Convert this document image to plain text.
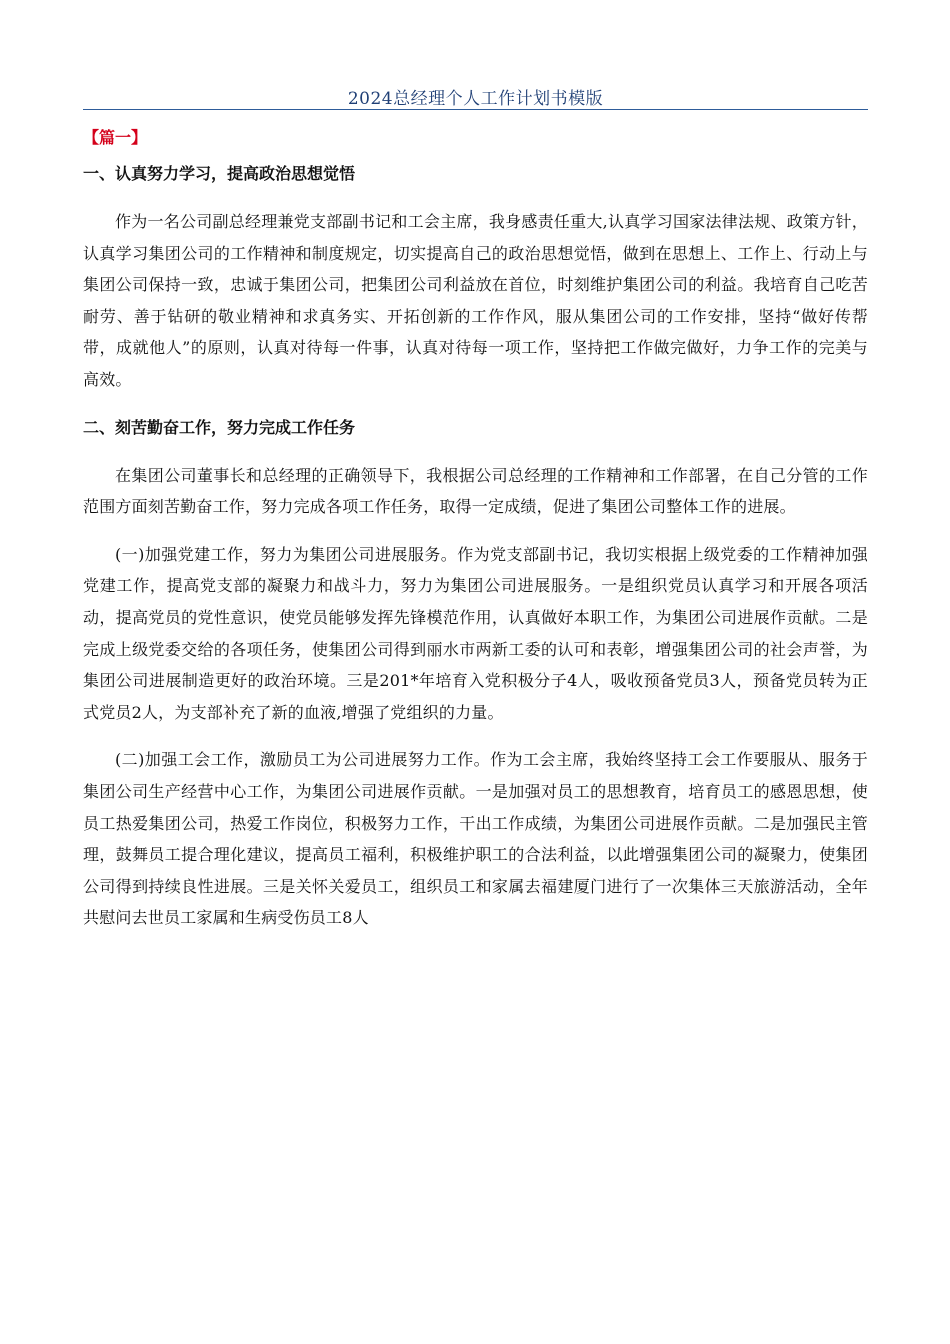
2024总经理个人工作计划书模版
【篇一】
一、认真努力学习，提高政治思想觉悟

作为一名公司副总经理兼党支部副书记和工会主席，我身感责任重大,认真学习国家法律法规、政策方针，认真学习集团公司的工作精神和制度规定，切实提高自己的政治思想觉悟，做到在思想上、工作上、行动上与集团公司保持一致，忠诚于集团公司，把集团公司利益放在首位，时刻维护集团公司的利益。我培育自己吃苦耐劳、善于钻研的敬业精神和求真务实、开拓创新的工作作风，服从集团公司的工作安排，坚持“做好传帮带，成就他人”的原则，认真对待每一件事，认真对待每一项工作，坚持把工作做完做好，力争工作的完美与高效。

二、刻苦勤奋工作，努力完成工作任务

在集团公司董事长和总经理的正确领导下，我根据公司总经理的工作精神和工作部署，在自己分管的工作范围方面刻苦勤奋工作，努力完成各项工作任务，取得一定成绩，促进了集团公司整体工作的进展。

(一)加强党建工作，努力为集团公司进展服务。作为党支部副书记，我切实根据上级党委的工作精神加强党建工作，提高党支部的凝聚力和战斗力，努力为集团公司进展服务。一是组织党员认真学习和开展各项活动，提高党员的党性意识，使党员能够发挥先锋模范作用，认真做好本职工作，为集团公司进展作贡献。二是完成上级党委交给的各项任务，使集团公司得到丽水市两新工委的认可和表彰，增强集团公司的社会声誉，为集团公司进展制造更好的政治环境。三是201*年培育入党积极分子4人，吸收预备党员3人，预备党员转为正式党员2人，为支部补充了新的血液,增强了党组织的力量。

(二)加强工会工作，激励员工为公司进展努力工作。作为工会主席，我始终坚持工会工作要服从、服务于集团公司生产经营中心工作，为集团公司进展作贡献。一是加强对员工的思想教育，培育员工的感恩思想，使员工热爱集团公司，热爱工作岗位，积极努力工作，干出工作成绩，为集团公司进展作贡献。二是加强民主管理，鼓舞员工提合理化建议，提高员工福利，积极维护职工的合法利益，以此增强集团公司的凝聚力，使集团公司得到持续良性进展。三是关怀关爱员工，组织员工和家属去福建厦门进行了一次集体三天旅游活动，全年共慰问去世员工家属和生病受伤员工8人
